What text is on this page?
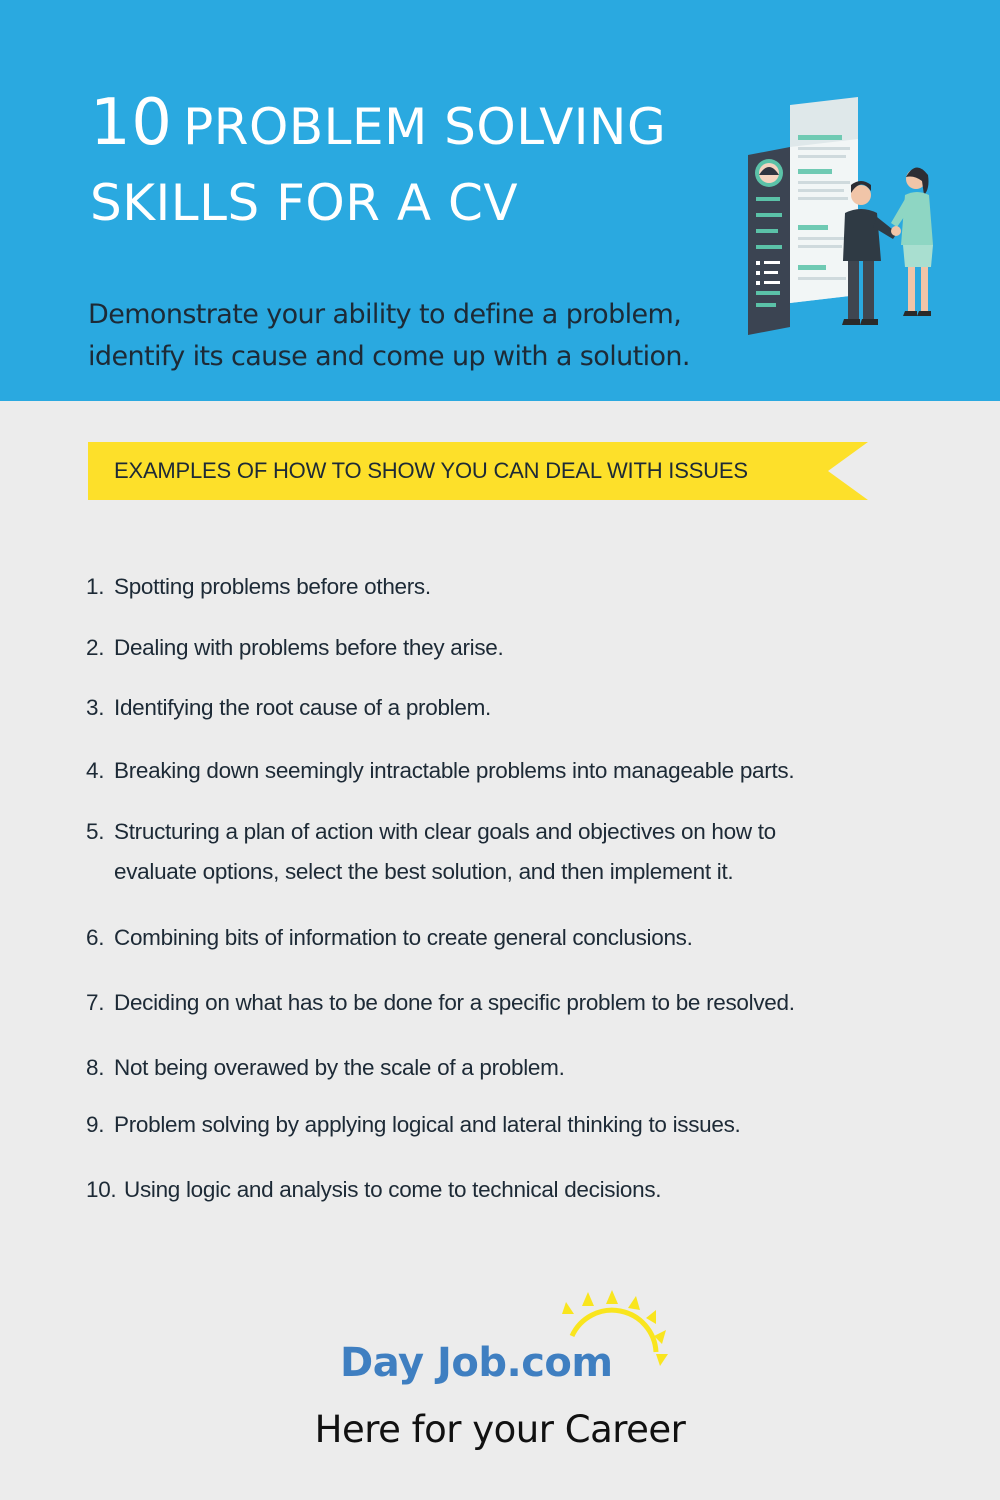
10 PROBLEM SOLVING
SKILLS FOR A CV

Demonstrate your ability to define a problem,
identify its cause and come up with a solution.

EXAMPLES OF HOW TO SHOW YOU CAN DEAL WITH ISSUES
1. Spotting problems before others.
2. Dealing with problems before they arise.
3. Identifying the root cause of a problem.
4. Breaking down seemingly intractable problems into manageable parts.
5. Structuring a plan of action with clear goals and objectives on how to
evaluate options, select the best solution, and then implement it.
6. Combining bits of information to create general conclusions.
7. Deciding on what has to be done for a specific problem to be resolved.
8. Not being overawed by the scale of a problem.
9. Problem solving by applying logical and lateral thinking to issues.
10. Using logic and analysis to come to technical decisions.
Day Job.com
Here for your Career
